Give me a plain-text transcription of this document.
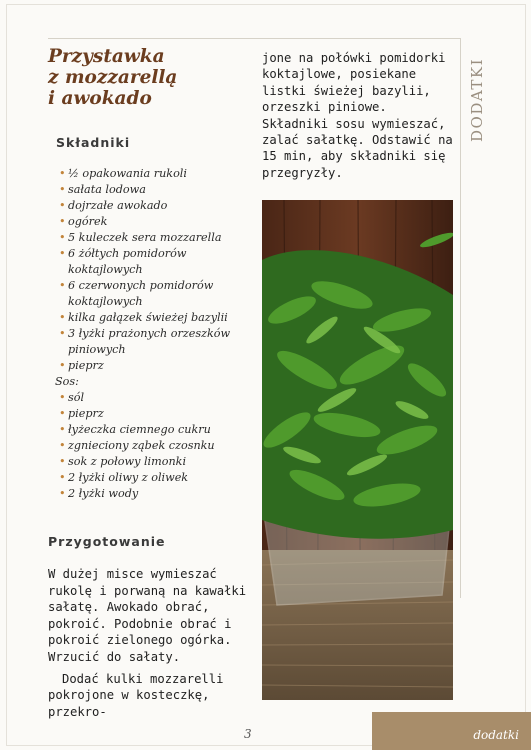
Przystawka
z mozzarellą
i awokado
Składniki
• ½ opakowania rukoli
• sałata lodowa
• dojrzałe awokado
• ogórek
• 5 kuleczek sera mozzarella
• 6 żółtych pomidorów koktajlowych
• 6 czerwonych pomidorów koktajlowych
• kilka gałązek świeżej bazylii
• 3 łyżki prażonych orzeszków piniowych
• pieprz
Sos:
• sól
• pieprz
• łyżeczka ciemnego cukru
• zgnieciony ząbek czosnku
• sok z połowy limonki
• 2 łyżki oliwy z oliwek
• 2 łyżki wody
Przygotowanie

W dużej misce wymieszać rukolę i porwaną na kawałki sałatę. Awokado obrać, pokroić. Podobnie obrać i pokroić zielonego ogórka. Wrzucić do sałaty.

Dodać kulki mozzarelli pokrojone w kosteczkę, przekro-

jone na połówki pomidorki koktajlowe, posiekane listki świeżej bazylii, orzeszki piniowe. Składniki sosu wymieszać, zalać sałatkę. Odstawić na 15 min, aby składniki się przegryzły.

DODATKI
3	dodatki
